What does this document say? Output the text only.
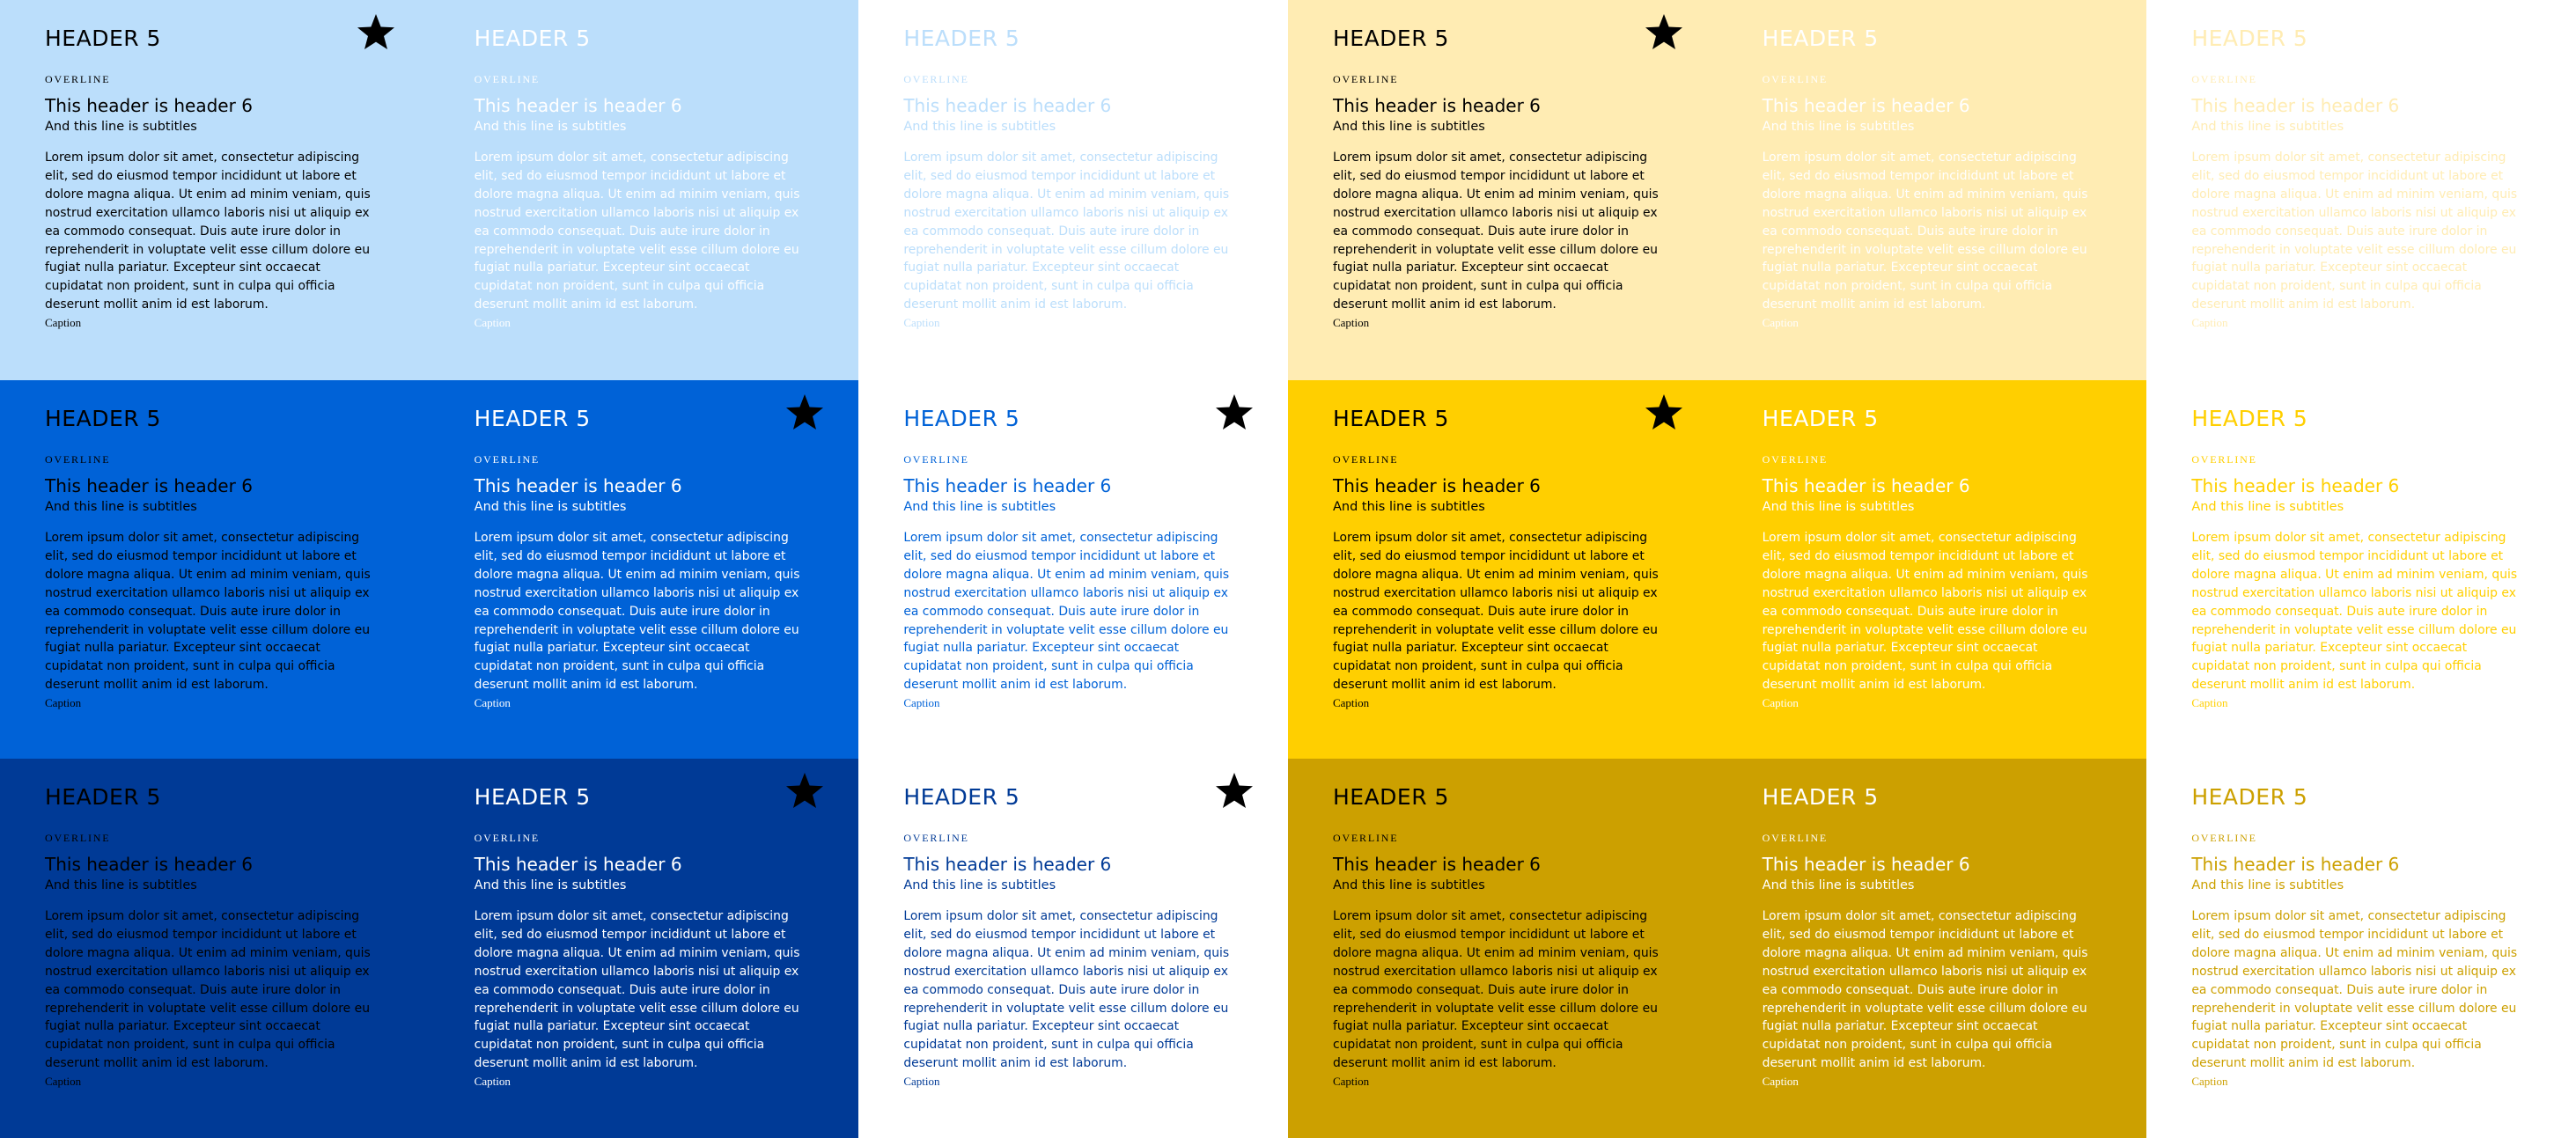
HEADER 5
OVERLINE
This header is header 6
And this line is subtitles
Lorem ipsum dolor sit amet, consectetur adipiscing elit, sed do eiusmod tempor incididunt ut labore et dolore magna aliqua. Ut enim ad minim veniam, quis nostrud exercitation ullamco laboris nisi ut aliquip ex ea commodo consequat. Duis aute irure dolor in reprehenderit in voluptate velit esse cillum dolore eu fugiat nulla pariatur. Excepteur sint occaecat cupidatat non proident, sunt in culpa qui officia deserunt mollit anim id est laborum.
Caption
HEADER 5
OVERLINE
This header is header 6
And this line is subtitles
Lorem ipsum dolor sit amet, consectetur adipiscing elit, sed do eiusmod tempor incididunt ut labore et dolore magna aliqua. Ut enim ad minim veniam, quis nostrud exercitation ullamco laboris nisi ut aliquip ex ea commodo consequat. Duis aute irure dolor in reprehenderit in voluptate velit esse cillum dolore eu fugiat nulla pariatur. Excepteur sint occaecat cupidatat non proident, sunt in culpa qui officia deserunt mollit anim id est laborum.
Caption
HEADER 5
OVERLINE
This header is header 6
And this line is subtitles
Lorem ipsum dolor sit amet, consectetur adipiscing elit, sed do eiusmod tempor incididunt ut labore et dolore magna aliqua. Ut enim ad minim veniam, quis nostrud exercitation ullamco laboris nisi ut aliquip ex ea commodo consequat. Duis aute irure dolor in reprehenderit in voluptate velit esse cillum dolore eu fugiat nulla pariatur. Excepteur sint occaecat cupidatat non proident, sunt in culpa qui officia deserunt mollit anim id est laborum.
Caption
HEADER 5
OVERLINE
This header is header 6
And this line is subtitles
Lorem ipsum dolor sit amet, consectetur adipiscing elit, sed do eiusmod tempor incididunt ut labore et dolore magna aliqua. Ut enim ad minim veniam, quis nostrud exercitation ullamco laboris nisi ut aliquip ex ea commodo consequat. Duis aute irure dolor in reprehenderit in voluptate velit esse cillum dolore eu fugiat nulla pariatur. Excepteur sint occaecat cupidatat non proident, sunt in culpa qui officia deserunt mollit anim id est laborum.
Caption
HEADER 5
OVERLINE
This header is header 6
And this line is subtitles
Lorem ipsum dolor sit amet, consectetur adipiscing elit, sed do eiusmod tempor incididunt ut labore et dolore magna aliqua. Ut enim ad minim veniam, quis nostrud exercitation ullamco laboris nisi ut aliquip ex ea commodo consequat. Duis aute irure dolor in reprehenderit in voluptate velit esse cillum dolore eu fugiat nulla pariatur. Excepteur sint occaecat cupidatat non proident, sunt in culpa qui officia deserunt mollit anim id est laborum.
Caption
HEADER 5
OVERLINE
This header is header 6
And this line is subtitles
Lorem ipsum dolor sit amet, consectetur adipiscing elit, sed do eiusmod tempor incididunt ut labore et dolore magna aliqua. Ut enim ad minim veniam, quis nostrud exercitation ullamco laboris nisi ut aliquip ex ea commodo consequat. Duis aute irure dolor in reprehenderit in voluptate velit esse cillum dolore eu fugiat nulla pariatur. Excepteur sint occaecat cupidatat non proident, sunt in culpa qui officia deserunt mollit anim id est laborum.
Caption
HEADER 5
OVERLINE
This header is header 6
And this line is subtitles
Lorem ipsum dolor sit amet, consectetur adipiscing elit, sed do eiusmod tempor incididunt ut labore et dolore magna aliqua. Ut enim ad minim veniam, quis nostrud exercitation ullamco laboris nisi ut aliquip ex ea commodo consequat. Duis aute irure dolor in reprehenderit in voluptate velit esse cillum dolore eu fugiat nulla pariatur. Excepteur sint occaecat cupidatat non proident, sunt in culpa qui officia deserunt mollit anim id est laborum.
Caption
HEADER 5
OVERLINE
This header is header 6
And this line is subtitles
Lorem ipsum dolor sit amet, consectetur adipiscing elit, sed do eiusmod tempor incididunt ut labore et dolore magna aliqua. Ut enim ad minim veniam, quis nostrud exercitation ullamco laboris nisi ut aliquip ex ea commodo consequat. Duis aute irure dolor in reprehenderit in voluptate velit esse cillum dolore eu fugiat nulla pariatur. Excepteur sint occaecat cupidatat non proident, sunt in culpa qui officia deserunt mollit anim id est laborum.
Caption
HEADER 5
OVERLINE
This header is header 6
And this line is subtitles
Lorem ipsum dolor sit amet, consectetur adipiscing elit, sed do eiusmod tempor incididunt ut labore et dolore magna aliqua. Ut enim ad minim veniam, quis nostrud exercitation ullamco laboris nisi ut aliquip ex ea commodo consequat. Duis aute irure dolor in reprehenderit in voluptate velit esse cillum dolore eu fugiat nulla pariatur. Excepteur sint occaecat cupidatat non proident, sunt in culpa qui officia deserunt mollit anim id est laborum.
Caption
HEADER 5
OVERLINE
This header is header 6
And this line is subtitles
Lorem ipsum dolor sit amet, consectetur adipiscing elit, sed do eiusmod tempor incididunt ut labore et dolore magna aliqua. Ut enim ad minim veniam, quis nostrud exercitation ullamco laboris nisi ut aliquip ex ea commodo consequat. Duis aute irure dolor in reprehenderit in voluptate velit esse cillum dolore eu fugiat nulla pariatur. Excepteur sint occaecat cupidatat non proident, sunt in culpa qui officia deserunt mollit anim id est laborum.
Caption
HEADER 5
OVERLINE
This header is header 6
And this line is subtitles
Lorem ipsum dolor sit amet, consectetur adipiscing elit, sed do eiusmod tempor incididunt ut labore et dolore magna aliqua. Ut enim ad minim veniam, quis nostrud exercitation ullamco laboris nisi ut aliquip ex ea commodo consequat. Duis aute irure dolor in reprehenderit in voluptate velit esse cillum dolore eu fugiat nulla pariatur. Excepteur sint occaecat cupidatat non proident, sunt in culpa qui officia deserunt mollit anim id est laborum.
Caption
HEADER 5
OVERLINE
This header is header 6
And this line is subtitles
Lorem ipsum dolor sit amet, consectetur adipiscing elit, sed do eiusmod tempor incididunt ut labore et dolore magna aliqua. Ut enim ad minim veniam, quis nostrud exercitation ullamco laboris nisi ut aliquip ex ea commodo consequat. Duis aute irure dolor in reprehenderit in voluptate velit esse cillum dolore eu fugiat nulla pariatur. Excepteur sint occaecat cupidatat non proident, sunt in culpa qui officia deserunt mollit anim id est laborum.
Caption
HEADER 5
OVERLINE
This header is header 6
And this line is subtitles
Lorem ipsum dolor sit amet, consectetur adipiscing elit, sed do eiusmod tempor incididunt ut labore et dolore magna aliqua. Ut enim ad minim veniam, quis nostrud exercitation ullamco laboris nisi ut aliquip ex ea commodo consequat. Duis aute irure dolor in reprehenderit in voluptate velit esse cillum dolore eu fugiat nulla pariatur. Excepteur sint occaecat cupidatat non proident, sunt in culpa qui officia deserunt mollit anim id est laborum.
Caption
HEADER 5
OVERLINE
This header is header 6
And this line is subtitles
Lorem ipsum dolor sit amet, consectetur adipiscing elit, sed do eiusmod tempor incididunt ut labore et dolore magna aliqua. Ut enim ad minim veniam, quis nostrud exercitation ullamco laboris nisi ut aliquip ex ea commodo consequat. Duis aute irure dolor in reprehenderit in voluptate velit esse cillum dolore eu fugiat nulla pariatur. Excepteur sint occaecat cupidatat non proident, sunt in culpa qui officia deserunt mollit anim id est laborum.
Caption
HEADER 5
OVERLINE
This header is header 6
And this line is subtitles
Lorem ipsum dolor sit amet, consectetur adipiscing elit, sed do eiusmod tempor incididunt ut labore et dolore magna aliqua. Ut enim ad minim veniam, quis nostrud exercitation ullamco laboris nisi ut aliquip ex ea commodo consequat. Duis aute irure dolor in reprehenderit in voluptate velit esse cillum dolore eu fugiat nulla pariatur. Excepteur sint occaecat cupidatat non proident, sunt in culpa qui officia deserunt mollit anim id est laborum.
Caption
HEADER 5
OVERLINE
This header is header 6
And this line is subtitles
Lorem ipsum dolor sit amet, consectetur adipiscing elit, sed do eiusmod tempor incididunt ut labore et dolore magna aliqua. Ut enim ad minim veniam, quis nostrud exercitation ullamco laboris nisi ut aliquip ex ea commodo consequat. Duis aute irure dolor in reprehenderit in voluptate velit esse cillum dolore eu fugiat nulla pariatur. Excepteur sint occaecat cupidatat non proident, sunt in culpa qui officia deserunt mollit anim id est laborum.
Caption
HEADER 5
OVERLINE
This header is header 6
And this line is subtitles
Lorem ipsum dolor sit amet, consectetur adipiscing elit, sed do eiusmod tempor incididunt ut labore et dolore magna aliqua. Ut enim ad minim veniam, quis nostrud exercitation ullamco laboris nisi ut aliquip ex ea commodo consequat. Duis aute irure dolor in reprehenderit in voluptate velit esse cillum dolore eu fugiat nulla pariatur. Excepteur sint occaecat cupidatat non proident, sunt in culpa qui officia deserunt mollit anim id est laborum.
Caption
HEADER 5
OVERLINE
This header is header 6
And this line is subtitles
Lorem ipsum dolor sit amet, consectetur adipiscing elit, sed do eiusmod tempor incididunt ut labore et dolore magna aliqua. Ut enim ad minim veniam, quis nostrud exercitation ullamco laboris nisi ut aliquip ex ea commodo consequat. Duis aute irure dolor in reprehenderit in voluptate velit esse cillum dolore eu fugiat nulla pariatur. Excepteur sint occaecat cupidatat non proident, sunt in culpa qui officia deserunt mollit anim id est laborum.
Caption
